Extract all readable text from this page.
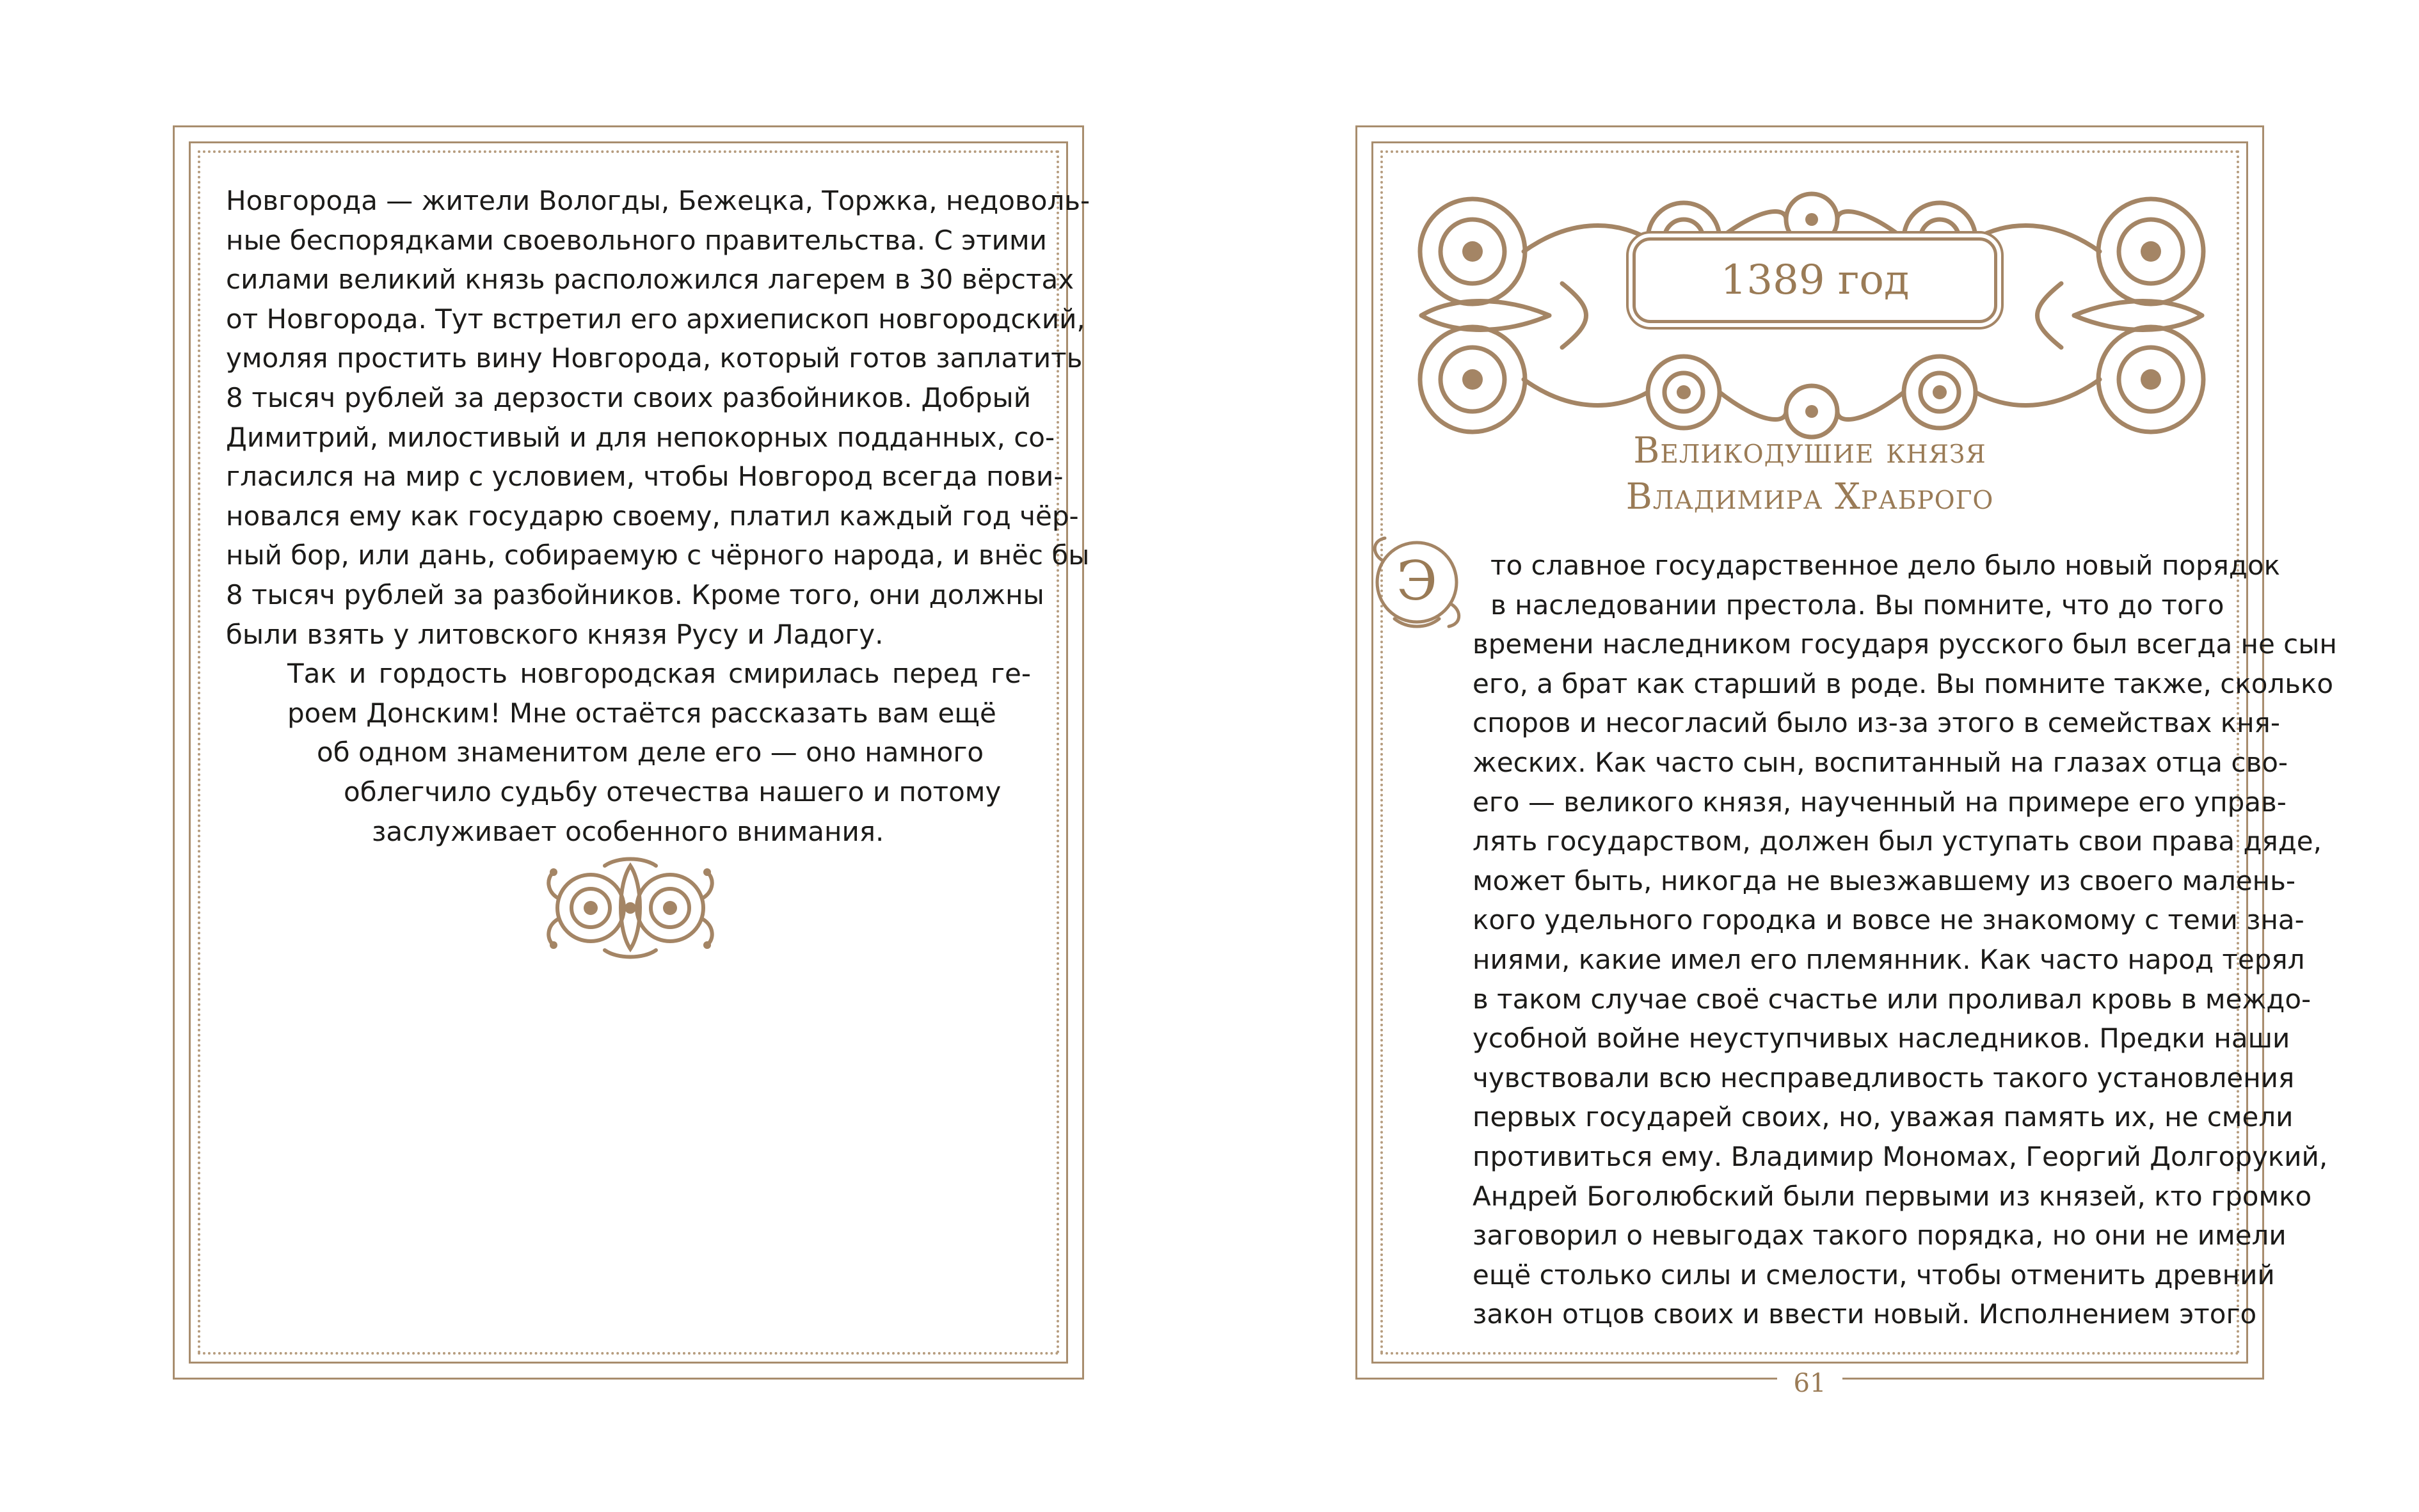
Новгорода — жители Вологды, Бежецка, Торжка, недоволь-
ные беспорядками своевольного правительства. С этими
силами великий князь расположился лагерем в 30 вёрстах
от Новгорода. Тут встретил его архиепископ новгородский,
умоляя простить вину Новгорода, который готов заплатить
8 тысяч рублей за дерзости своих разбойников. Добрый
Димитрий, милостивый и для непокорных подданных, со-
гласился на мир с условием, чтобы Новгород всегда пови-
новался ему как государю своему, платил каждый год чёр-
ный бор, или дань, собираемую с чёрного народа, и внёс бы
8 тысяч рублей за разбойников. Кроме того, они должны
были взять у литовского князя Русу и Ладогу.

Так и гордость новгородская смирилась перед ге-
роем Донским! Мне остаётся рассказать вам ещё
об одном знаменитом деле его — оно намного
облегчило судьбу отечества нашего и потому
заслуживает особенного внимания.

1389 год
Великодушие князя
Владимира Храброго
Э то славное государственное дело было новый порядок
в наследовании престола. Вы помните, что до того
времени наследником государя русского был всегда не сын
его, а брат как старший в роде. Вы помните также, сколько
споров и несогласий было из-за этого в семействах кня-
жеских. Как часто сын, воспитанный на глазах отца сво-
его — великого князя, наученный на примере его управ-
лять государством, должен был уступать свои права дяде,
может быть, никогда не выезжавшему из своего малень-
кого удельного городка и вовсе не знакомому с теми зна-
ниями, какие имел его племянник. Как часто народ терял
в таком случае своё счастье или проливал кровь в междо-
усобной войне неуступчивых наследников. Предки наши
чувствовали всю несправедливость такого установления
первых государей своих, но, уважая память их, не смели
противиться ему. Владимир Мономах, Георгий Долгорукий,
Андрей Боголюбский были первыми из князей, кто громко
заговорил о невыгодах такого порядка, но они не имели
ещё столько силы и смелости, чтобы отменить древний
закон отцов своих и ввести новый. Исполнением этого

61
